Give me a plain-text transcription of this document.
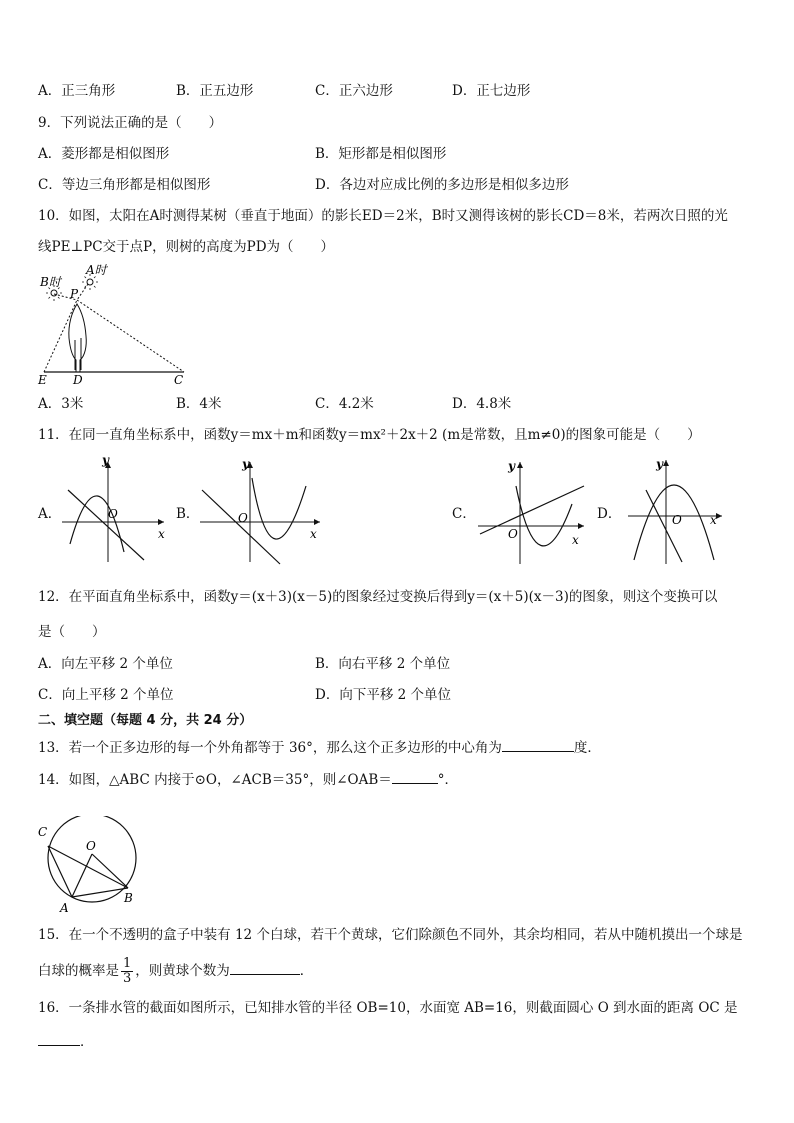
A．正三角形	B．正五边形	C．正六边形	D．正七边形
9．下列说法正确的是（　　）
A．菱形都是相似图形	B．矩形都是相似图形
C．等边三角形都是相似图形	D．各边对应成比例的多边形是相似多边形
10．如图，太阳在A时测得某树（垂直于地面）的影长ED＝2米，B时又测得该树的影长CD＝8米，若两次日照的光
线PE⊥PC交于点P，则树的高度为PD为（　　）
B时
A时
P
E D	C
A．3米	B．4米	C．4.2米	D．4.8米
11．在同一直角坐标系中，函数y＝mx＋m和函数y＝mx²＋2x＋2 (m是常数，且m≠0)的图象可能是（　　）
A．
y
x
O	B．
y
x
O	C．
y
x
O
D．
y
x
O
12．在平面直角坐标系中，函数y＝(x＋3)(x－5)的图象经过变换后得到y＝(x＋5)(x－3)的图象，则这个变换可以
是（　　）
A．向左平移 2 个单位	B．向右平移 2 个单位
C．向上平移 2 个单位	D．向下平移 2 个单位
二、填空题（每题 4 分，共 24 分）
13．若一个正多边形的每一个外角都等于 36°，那么这个正多边形的中心角为	度．
14．如图，△ABC 内接于⊙O，∠ACB＝35°，则∠OAB＝	°．
C
O
A
B
15．在一个不透明的盒子中装有 12 个白球，若干个黄球，它们除颜色不同外，其余均相同，若从中随机摸出一个球是
白球的概率是 $\frac{1}{3}$ ，则黄球个数为	．
16．一条排水管的截面如图所示，已知排水管的半径 OB=10，水面宽 AB=16，则截面圆心 O 到水面的距离 OC 是
．
